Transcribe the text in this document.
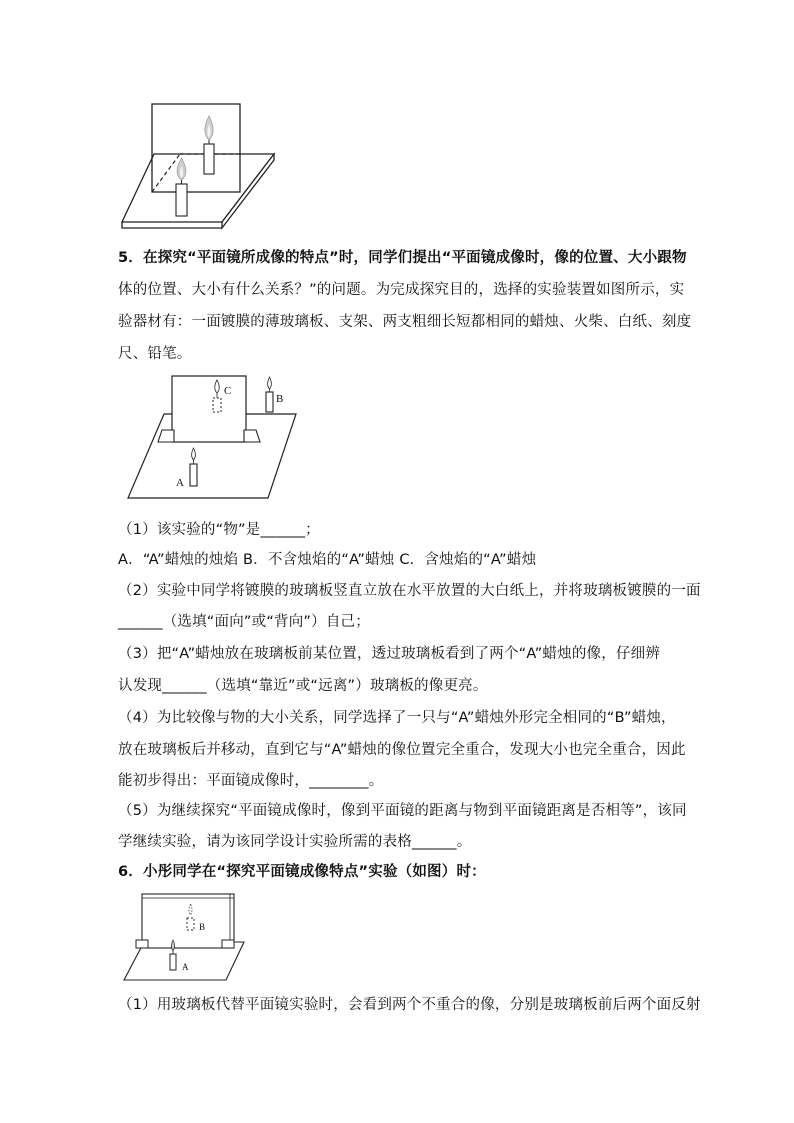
5．在探究“平面镜所成像的特点”时，同学们提出“平面镜成像时，像的位置、大小跟物
体的位置、大小有什么关系？”的问题。为完成探究目的，选择的实验装置如图所示，实
验器材有：一面镀膜的薄玻璃板、支架、两支粗细长短都相同的蜡烛、火柴、白纸、刻度
尺、铅笔。
C
B
A
（1）该实验的“物”是______；
A．“A”蜡烛的烛焰 B．不含烛焰的“A”蜡烛 C．含烛焰的“A”蜡烛
（2）实验中同学将镀膜的玻璃板竖直立放在水平放置的大白纸上，并将玻璃板镀膜的一面
______（选填“面向”或“背向”）自己；
（3）把“A”蜡烛放在玻璃板前某位置，透过玻璃板看到了两个“A”蜡烛的像，仔细辨
认发现______（选填“靠近”或“远离”）玻璃板的像更亮。
（4）为比较像与物的大小关系，同学选择了一只与“A”蜡烛外形完全相同的“B”蜡烛，
放在玻璃板后并移动，直到它与“A”蜡烛的像位置完全重合，发现大小也完全重合，因此
能初步得出：平面镜成像时，________。
（5）为继续探究“平面镜成像时，像到平面镜的距离与物到平面镜距离是否相等”，该同
学继续实验，请为该同学设计实验所需的表格______。
6．小彤同学在“探究平面镜成像特点”实验（如图）时：
B
A
（1）用玻璃板代替平面镜实验时，会看到两个不重合的像，分别是玻璃板前后两个面反射
